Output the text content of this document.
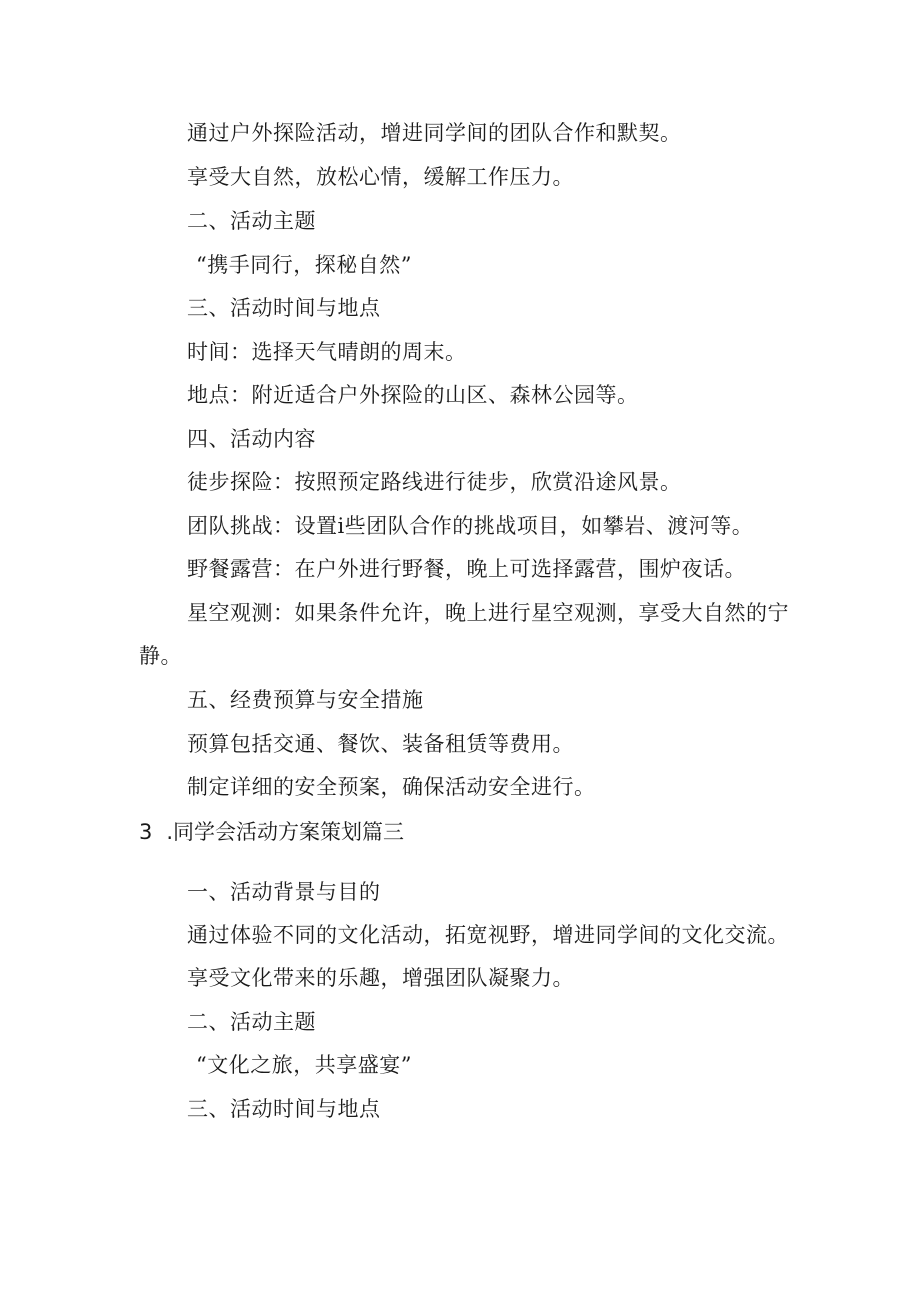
通过户外探险活动，增进同学间的团队合作和默契。
享受大自然，放松心情，缓解工作压力。
二、活动主题
“携手同行，探秘自然”
三、活动时间与地点
时间：选择天气晴朗的周末。
地点：附近适合户外探险的山区、森林公园等。
四、活动内容
徒步探险：按照预定路线进行徒步，欣赏沿途风景。
团队挑战：设置i些团队合作的挑战项目，如攀岩、渡河等。
野餐露营：在户外进行野餐，晚上可选择露营，围炉夜话。
星空观测：如果条件允许，晚上进行星空观测，享受大自然的宁
静。
五、经费预算与安全措施
预算包括交通、餐饮、装备租赁等费用。
制定详细的安全预案，确保活动安全进行。
3 .同学会活动方案策划篇三
一、活动背景与目的
通过体验不同的文化活动，拓宽视野，增进同学间的文化交流。
享受文化带来的乐趣，增强团队凝聚力。
二、活动主题
“文化之旅，共享盛宴”
三、活动时间与地点
